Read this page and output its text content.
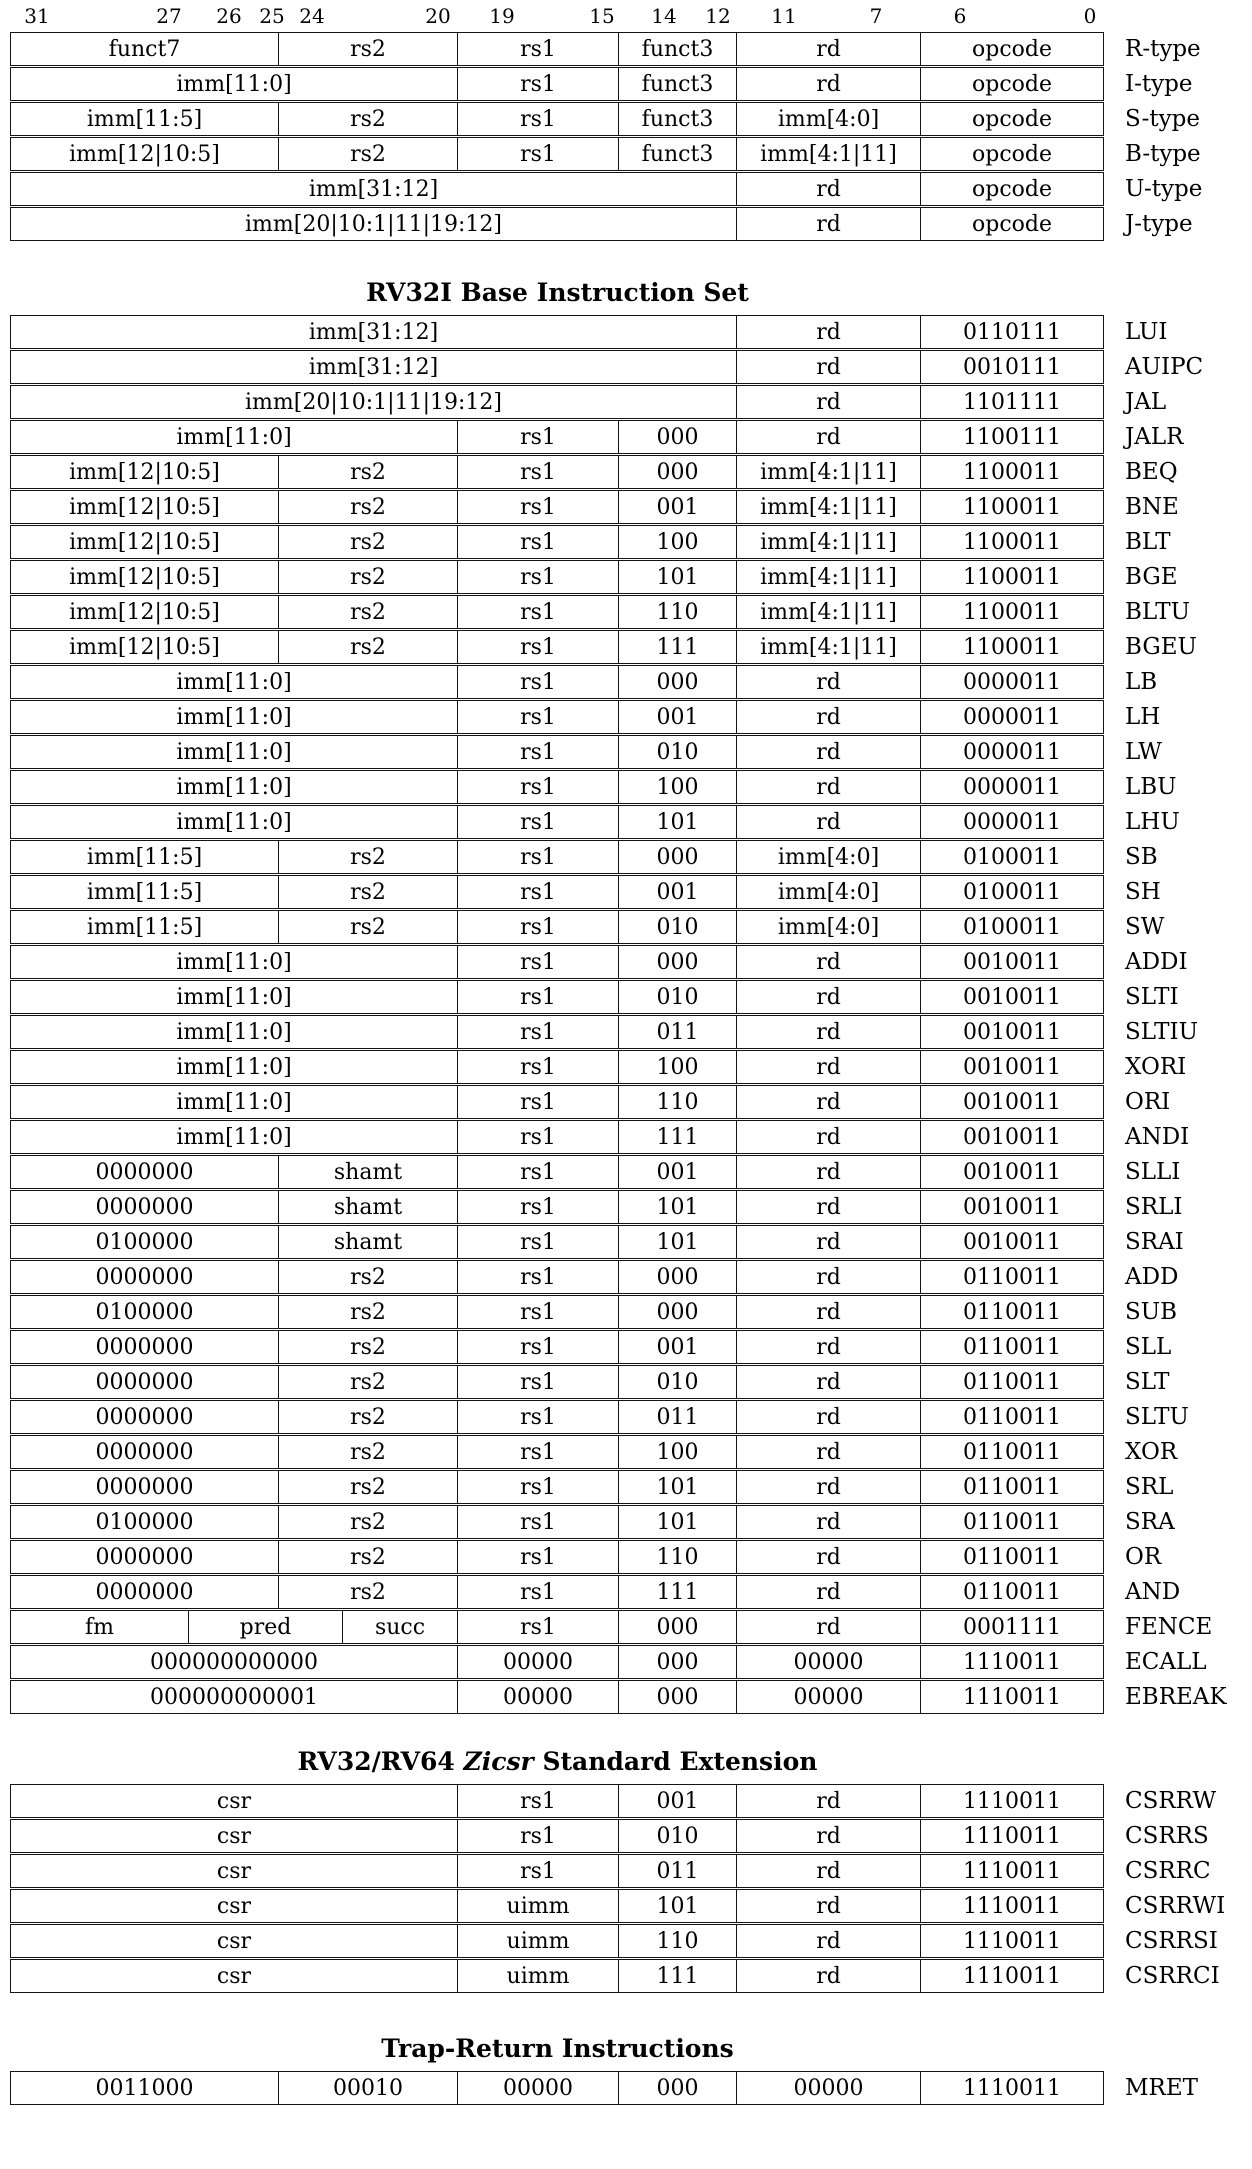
31	27 26 25 24	20 19	15 14 12 11	7	6	0
funct7	rs2	rs1	funct3	rd	opcode	R-type
imm[11:0]	rs1	funct3	rd	opcode	I-type
imm[11:5]	rs2	rs1	funct3	imm[4:0]	opcode	S-type
imm[12|10:5]	rs2	rs1	funct3	imm[4:1|11]	opcode	B-type
imm[31:12]	rd	opcode	U-type
imm[20|10:1|11|19:12]	rd	opcode	J-type
RV32I Base Instruction Set
imm[31:12]	rd	0110111	LUI
imm[31:12]	rd	0010111	AUIPC
imm[20|10:1|11|19:12]	rd	1101111	JAL
imm[11:0]	rs1	000	rd	1100111	JALR
imm[12|10:5]	rs2	rs1	000	imm[4:1|11]	1100011	BEQ
imm[12|10:5]	rs2	rs1	001	imm[4:1|11]	1100011	BNE
imm[12|10:5]	rs2	rs1	100	imm[4:1|11]	1100011	BLT
imm[12|10:5]	rs2	rs1	101	imm[4:1|11]	1100011	BGE
imm[12|10:5]	rs2	rs1	110	imm[4:1|11]	1100011	BLTU
imm[12|10:5]	rs2	rs1	111	imm[4:1|11]	1100011	BGEU
imm[11:0]	rs1	000	rd	0000011	LB
imm[11:0]	rs1	001	rd	0000011	LH
imm[11:0]	rs1	010	rd	0000011	LW
imm[11:0]	rs1	100	rd	0000011	LBU
imm[11:0]	rs1	101	rd	0000011	LHU
imm[11:5]	rs2	rs1	000	imm[4:0]	0100011	SB
imm[11:5]	rs2	rs1	001	imm[4:0]	0100011	SH
imm[11:5]	rs2	rs1	010	imm[4:0]	0100011	SW
imm[11:0]	rs1	000	rd	0010011	ADDI
imm[11:0]	rs1	010	rd	0010011	SLTI
imm[11:0]	rs1	011	rd	0010011	SLTIU
imm[11:0]	rs1	100	rd	0010011	XORI
imm[11:0]	rs1	110	rd	0010011	ORI
imm[11:0]	rs1	111	rd	0010011	ANDI
0000000	shamt	rs1	001	rd	0010011	SLLI
0000000	shamt	rs1	101	rd	0010011	SRLI
0100000	shamt	rs1	101	rd	0010011	SRAI
0000000	rs2	rs1	000	rd	0110011	ADD
0100000	rs2	rs1	000	rd	0110011	SUB
0000000	rs2	rs1	001	rd	0110011	SLL
0000000	rs2	rs1	010	rd	0110011	SLT
0000000	rs2	rs1	011	rd	0110011	SLTU
0000000	rs2	rs1	100	rd	0110011	XOR
0000000	rs2	rs1	101	rd	0110011	SRL
0100000	rs2	rs1	101	rd	0110011	SRA
0000000	rs2	rs1	110	rd	0110011	OR
0000000	rs2	rs1	111	rd	0110011	AND
fm	pred	succ	rs1	000	rd	0001111	FENCE
000000000000	00000	000	00000	1110011	ECALL
000000000001	00000	000	00000	1110011	EBREAK
RV32/RV64 Zicsr Standard Extension
csr	rs1	001	rd	1110011	CSRRW
csr	rs1	010	rd	1110011	CSRRS
csr	rs1	011	rd	1110011	CSRRC
csr	uimm	101	rd	1110011	CSRRWI
csr	uimm	110	rd	1110011	CSRRSI
csr	uimm	111	rd	1110011	CSRRCI
Trap-Return Instructions
0011000	00010	00000	000	00000	1110011	MRET
